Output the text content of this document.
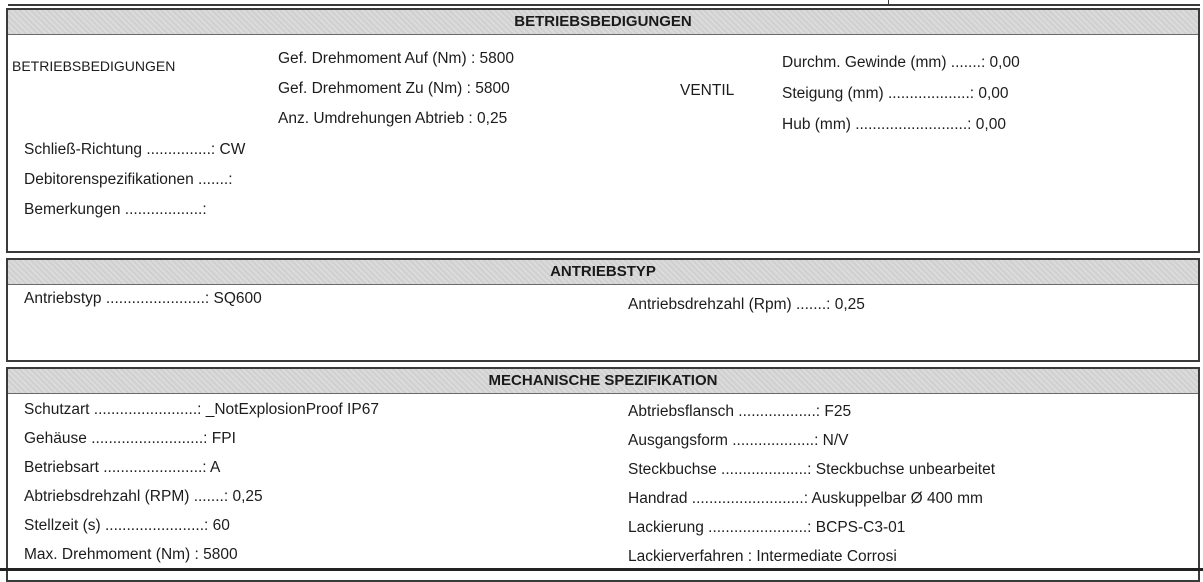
BETRIEBSBEDIGUNGEN
BETRIEBSBEDIGUNGEN	Gef. Drehmoment Auf (Nm) : 5800
Gef. Drehmoment Zu (Nm) : 5800
Anz. Umdrehungen Abtrieb : 0,25
VENTIL
Durchm. Gewinde (mm) .......: 0,00
Steigung (mm) ...................: 0,00
Hub (mm) ..........................: 0,00
Schließ-Richtung ...............: CW
Debitorenspezifikationen .......:
Bemerkungen ..................:
ANTRIEBSTYP
Antriebstyp .......................: SQ600	Antriebsdrehzahl (Rpm) .......: 0,25
MECHANISCHE SPEZIFIKATION
Schutzart ........................: _NotExplosionProof IP67
Gehäuse ..........................: FPI
Betriebsart .......................: A
Abtriebsdrehzahl (RPM) .......: 0,25
Stellzeit (s) .......................: 60
Max. Drehmoment (Nm) : 5800
Abtriebsflansch ..................: F25
Ausgangsform ...................: N/V
Steckbuchse ....................: Steckbuchse unbearbeitet
Handrad ..........................: Auskuppelbar Ø 400 mm
Lackierung .......................: BCPS-C3-01
Lackierverfahren : Intermediate Corrosi
